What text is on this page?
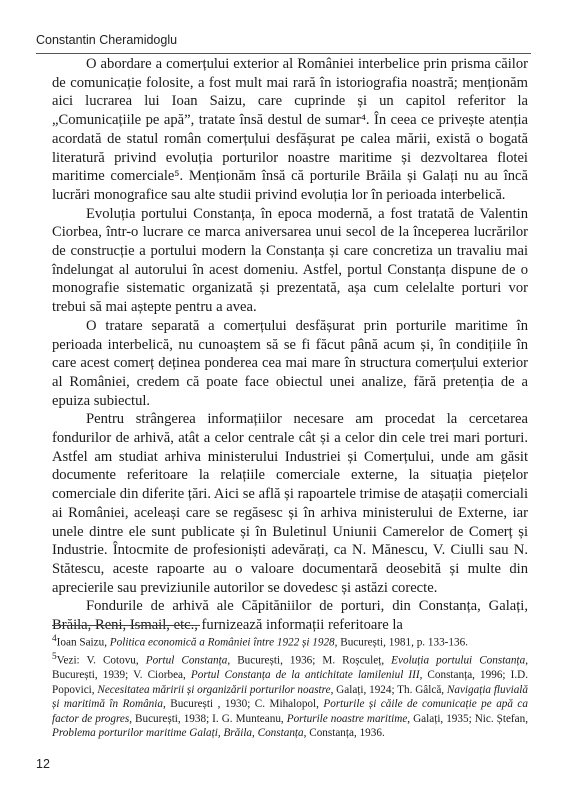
Constantin Cheramidoglu

O abordare a comerțului exterior al României interbelice prin prisma căilor de comunicație folosite, a fost mult mai rară în istoriografia noastră; menționăm aici lucrarea lui Ioan Saizu, care cuprinde și un capitol referitor la „Comunicațiile pe apă”, tratate însă destul de sumar⁴. În ceea ce privește atenția acordată de statul român comerțului desfășurat pe calea mării, există o bogată literatură privind evoluția porturilor noastre maritime și dezvoltarea flotei maritime comerciale⁵. Menționăm însă că porturile Brăila și Galați nu au încă lucrări monografice sau alte studii privind evoluția lor în perioada interbelică.

Evoluția portului Constanța, în epoca modernă, a fost tratată de Valentin Ciorbea, într-o lucrare ce marca aniversarea unui secol de la începerea lucrărilor de construcție a portului modern la Constanța și care concretiza un travaliu mai îndelungat al autorului în acest domeniu. Astfel, portul Constanța dispune de o monografie sistematic organizată și prezentată, așa cum celelalte porturi vor trebui să mai aștepte pentru a avea.

O tratare separată a comerțului desfășurat prin porturile maritime în perioada interbelică, nu cunoaștem să se fi făcut până acum și, în condițiile în care acest comerț deținea ponderea cea mai mare în structura comerțului exterior al României, credem că poate face obiectul unei analize, fără pretenția de a epuiza subiectul.

Pentru strângerea informațiilor necesare am procedat la cercetarea fondurilor de arhivă, atât a celor centrale cât și a celor din cele trei mari porturi. Astfel am studiat arhiva ministerului Industriei și Comerțului, unde am găsit documente referitoare la relațiile comerciale externe, la situația piețelor comerciale din diferite țări. Aici se află și rapoartele trimise de atașații comerciali ai României, aceleași care se regăsesc și în arhiva ministerului de Externe, iar unele dintre ele sunt publicate și în Buletinul Uniunii Camerelor de Comerț și Industrie. Întocmite de profesioniști adevărați, ca N. Mănescu, V. Ciulli sau N. Stătescu, aceste rapoarte au o valoare documentară deosebită și multe din aprecierile sau previziunile autorilor se dovedesc și astăzi corecte.

Fondurile de arhivă ale Căpităniilor de porturi, din Constanța, Galați, Brăila, Reni, Ismail, etc., furnizează informații referitoare la

$^4$Ioan Saizu, Politica economică a României între 1922 și 1928, București, 1981, p. 133-136.

$^5$Vezi: V. Cotovu, Portul Constanța, București, 1936; M. Roșculeț, Evoluția portului Constanța, București, 1939; V. Ciorbea, Portul Constanța de la antichitate lamileniul III, Constanța, 1996; I.D. Popovici, Necesitatea măririi și organizării porturilor noastre, Galați, 1924; Th. Gâlcă, Navigația fluvială și maritimă în România, București , 1930; C. Mihalopol, Porturile și căile de comunicație pe apă ca factor de progres, București, 1938; I. G. Munteanu, Porturile noastre maritime, Galați, 1935; Nic. Ștefan, Problema porturilor maritime Galați, Brăila, Constanța, Constanța, 1936.

12
